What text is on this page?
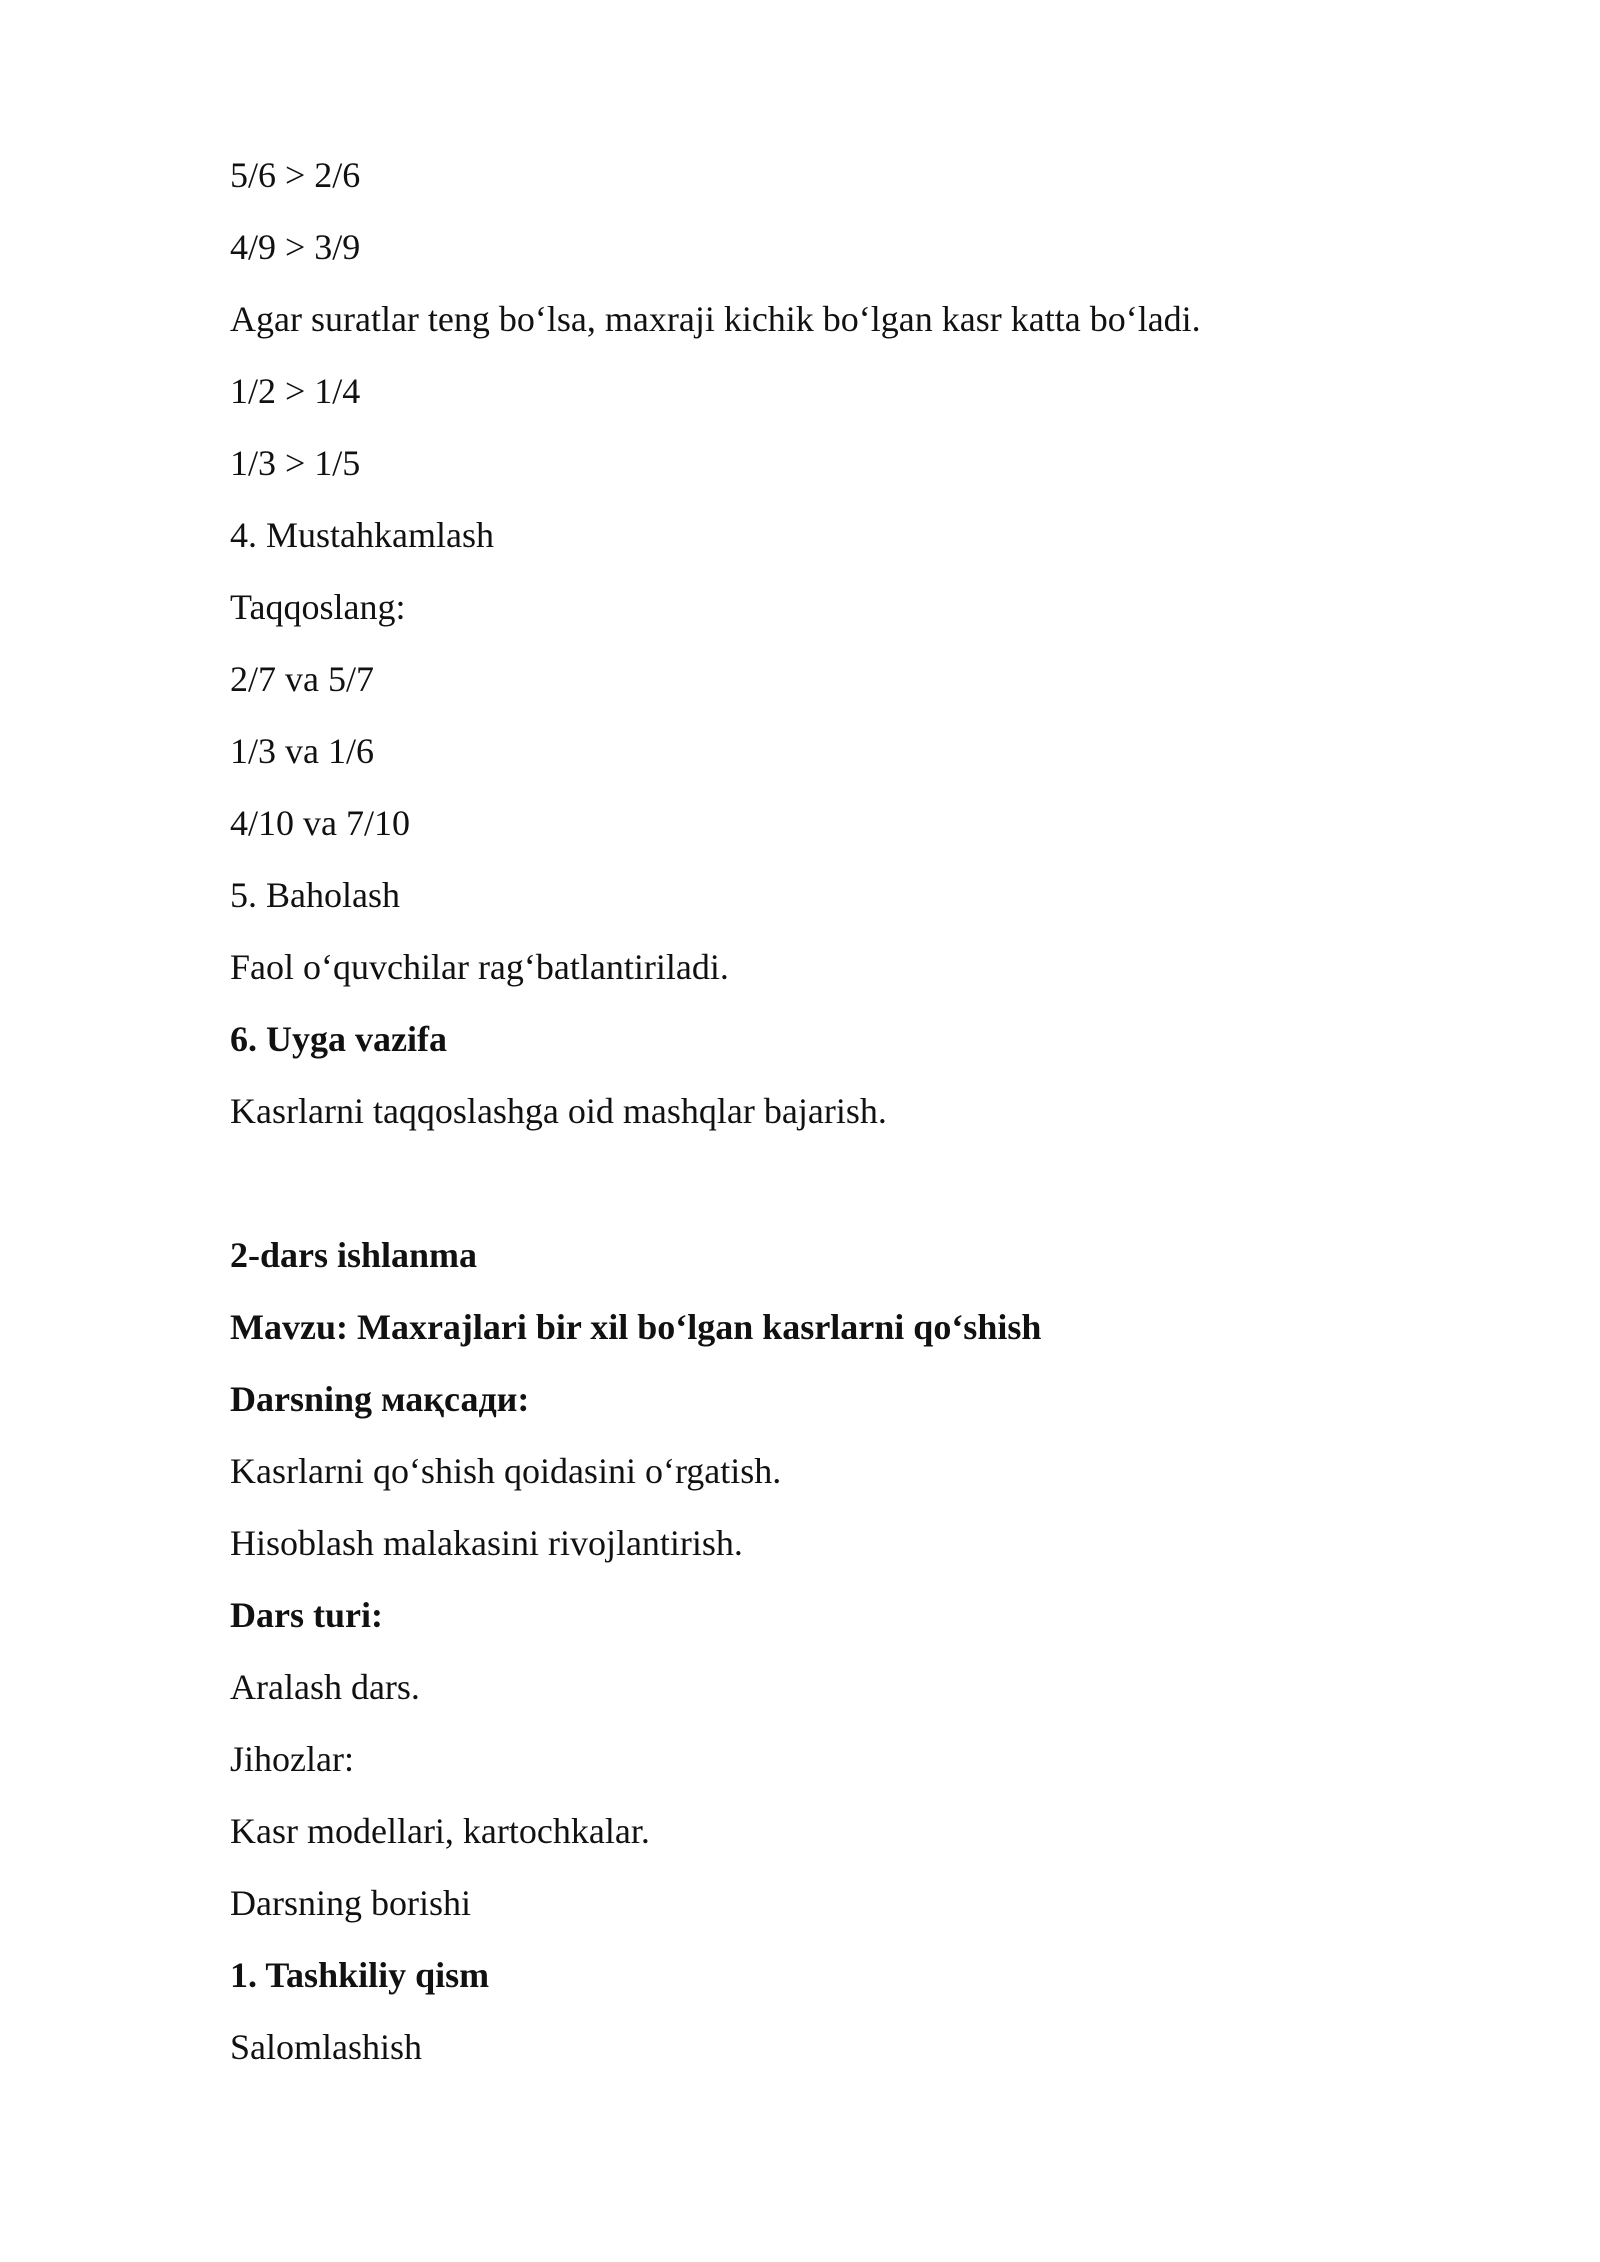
5/6 > 2/6
4/9 > 3/9
Agar suratlar teng bo‘lsa, maxraji kichik bo‘lgan kasr katta bo‘ladi.
1/2 > 1/4
1/3 > 1/5
4. Mustahkamlash
Taqqoslang:
2/7 va 5/7
1/3 va 1/6
4/10 va 7/10
5. Baholash
Faol o‘quvchilar rag‘batlantiriladi.
6. Uyga vazifa
Kasrlarni taqqoslashga oid mashqlar bajarish.
2-dars ishlanma
Mavzu: Maxrajlari bir xil bo‘lgan kasrlarni qo‘shish
Darsning мақсади:
Kasrlarni qo‘shish qoidasini o‘rgatish.
Hisoblash malakasini rivojlantirish.
Dars turi:
Aralash dars.
Jihozlar:
Kasr modellari, kartochkalar.
Darsning borishi
1. Tashkiliy qism
Salomlashish
